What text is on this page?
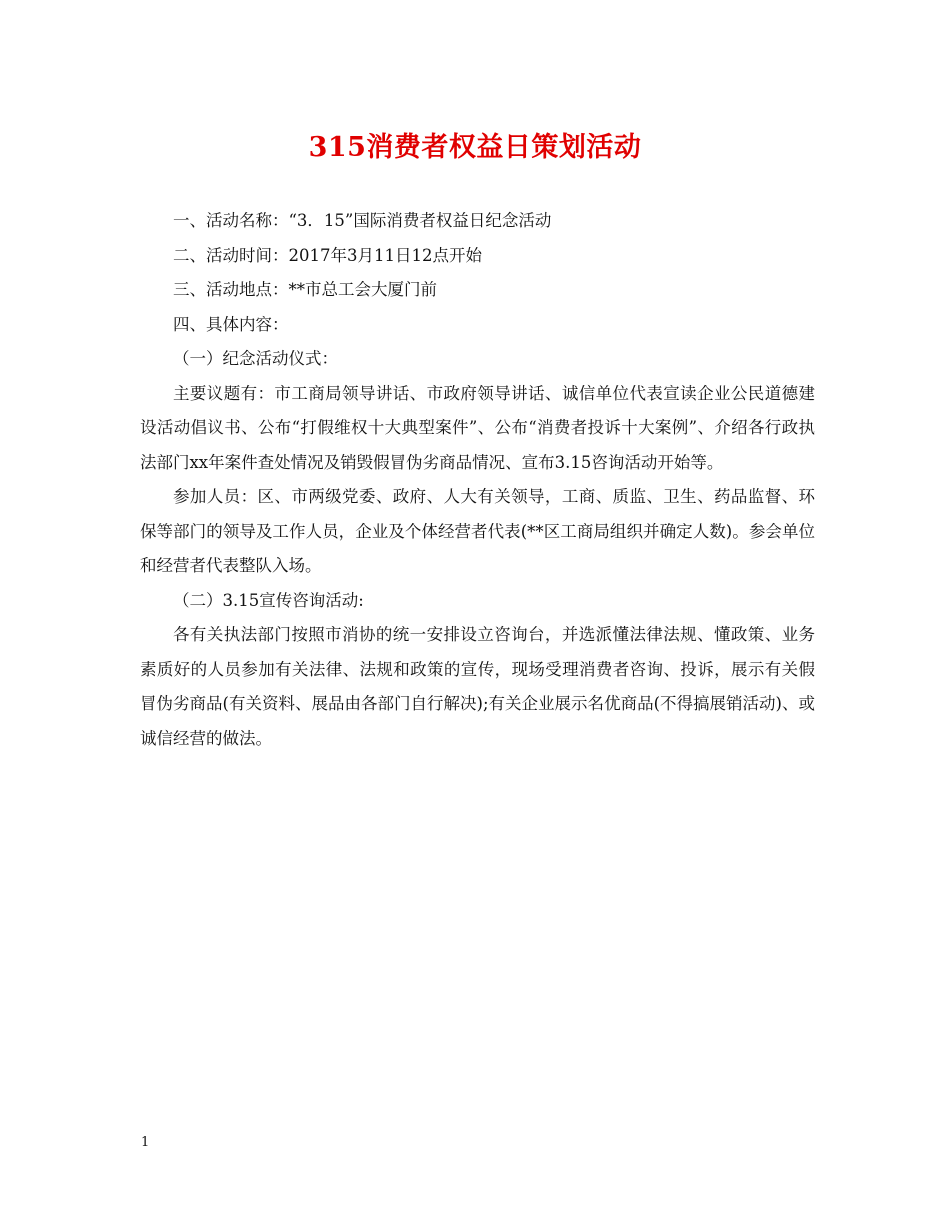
315消费者权益日策划活动

一、活动名称：“3．15”国际消费者权益日纪念活动

二、活动时间：2017年3月11日12点开始

三、活动地点：**市总工会大厦门前

四、具体内容：

（一）纪念活动仪式：

主要议题有：市工商局领导讲话、市政府领导讲话、诚信单位代表宣读企业公民道德建设活动倡议书、公布“打假维权十大典型案件”、公布“消费者投诉十大案例”、介绍各行政执法部门xx年案件查处情况及销毁假冒伪劣商品情况、宣布3.15咨询活动开始等。

参加人员：区、市两级党委、政府、人大有关领导，工商、质监、卫生、药品监督、环保等部门的领导及工作人员，企业及个体经营者代表(**区工商局组织并确定人数)。参会单位和经营者代表整队入场。

（二）3.15宣传咨询活动:

各有关执法部门按照市消协的统一安排设立咨询台，并选派懂法律法规、懂政策、业务素质好的人员参加有关法律、法规和政策的宣传，现场受理消费者咨询、投诉，展示有关假冒伪劣商品(有关资料、展品由各部门自行解决);有关企业展示名优商品(不得搞展销活动)、或诚信经营的做法。

1
